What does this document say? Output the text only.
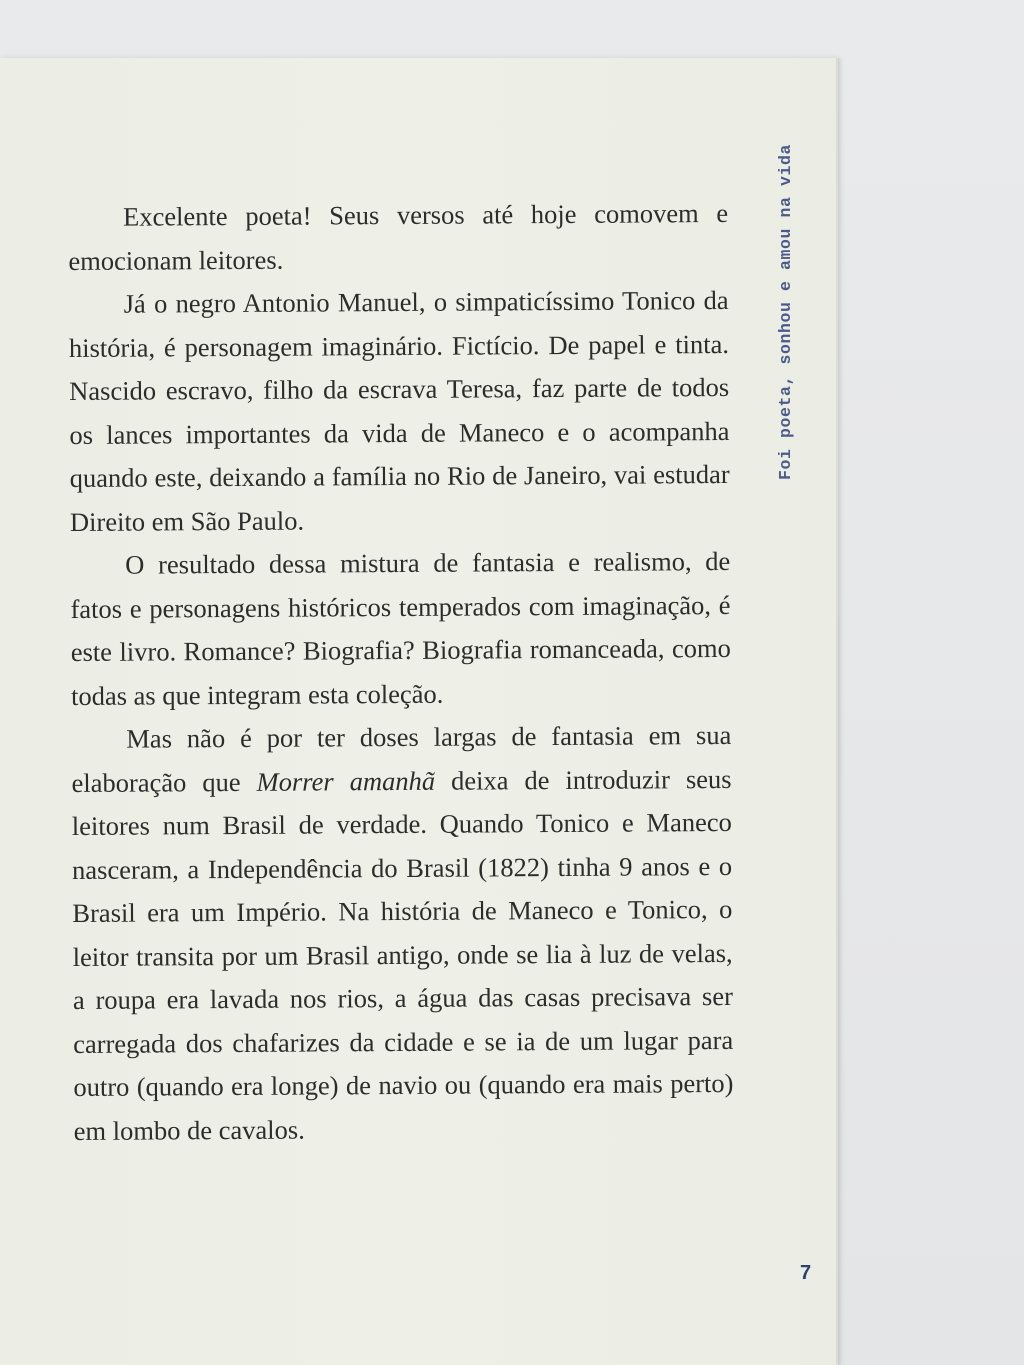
Excelente poeta! Seus versos até hoje comovem e emocionam leitores.

Já o negro Antonio Manuel, o simpaticíssimo Tonico da história, é personagem imaginário. Fictício. De papel e tinta. Nascido escravo, filho da escrava Teresa, faz parte de todos os lances importantes da vida de Maneco e o acompanha quando este, deixando a família no Rio de Janeiro, vai estudar Direito em São Paulo.

O resultado dessa mistura de fantasia e realismo, de fatos e personagens históricos temperados com imaginação, é este livro. Romance? Biografia? Biografia romanceada, como todas as que integram esta coleção.

Mas não é por ter doses largas de fantasia em sua elaboração que Morrer amanhã deixa de introduzir seus leitores num Brasil de verdade. Quando Tonico e Maneco nasceram, a Independência do Brasil (1822) tinha 9 anos e o Brasil era um Império. Na história de Maneco e Tonico, o leitor transita por um Brasil antigo, onde se lia à luz de velas, a roupa era lavada nos rios, a água das casas precisava ser carregada dos chafarizes da cidade e se ia de um lugar para outro (quando era longe) de navio ou (quando era mais perto) em lombo de cavalos.

Foi poeta, sonhou e amou na vida
7
